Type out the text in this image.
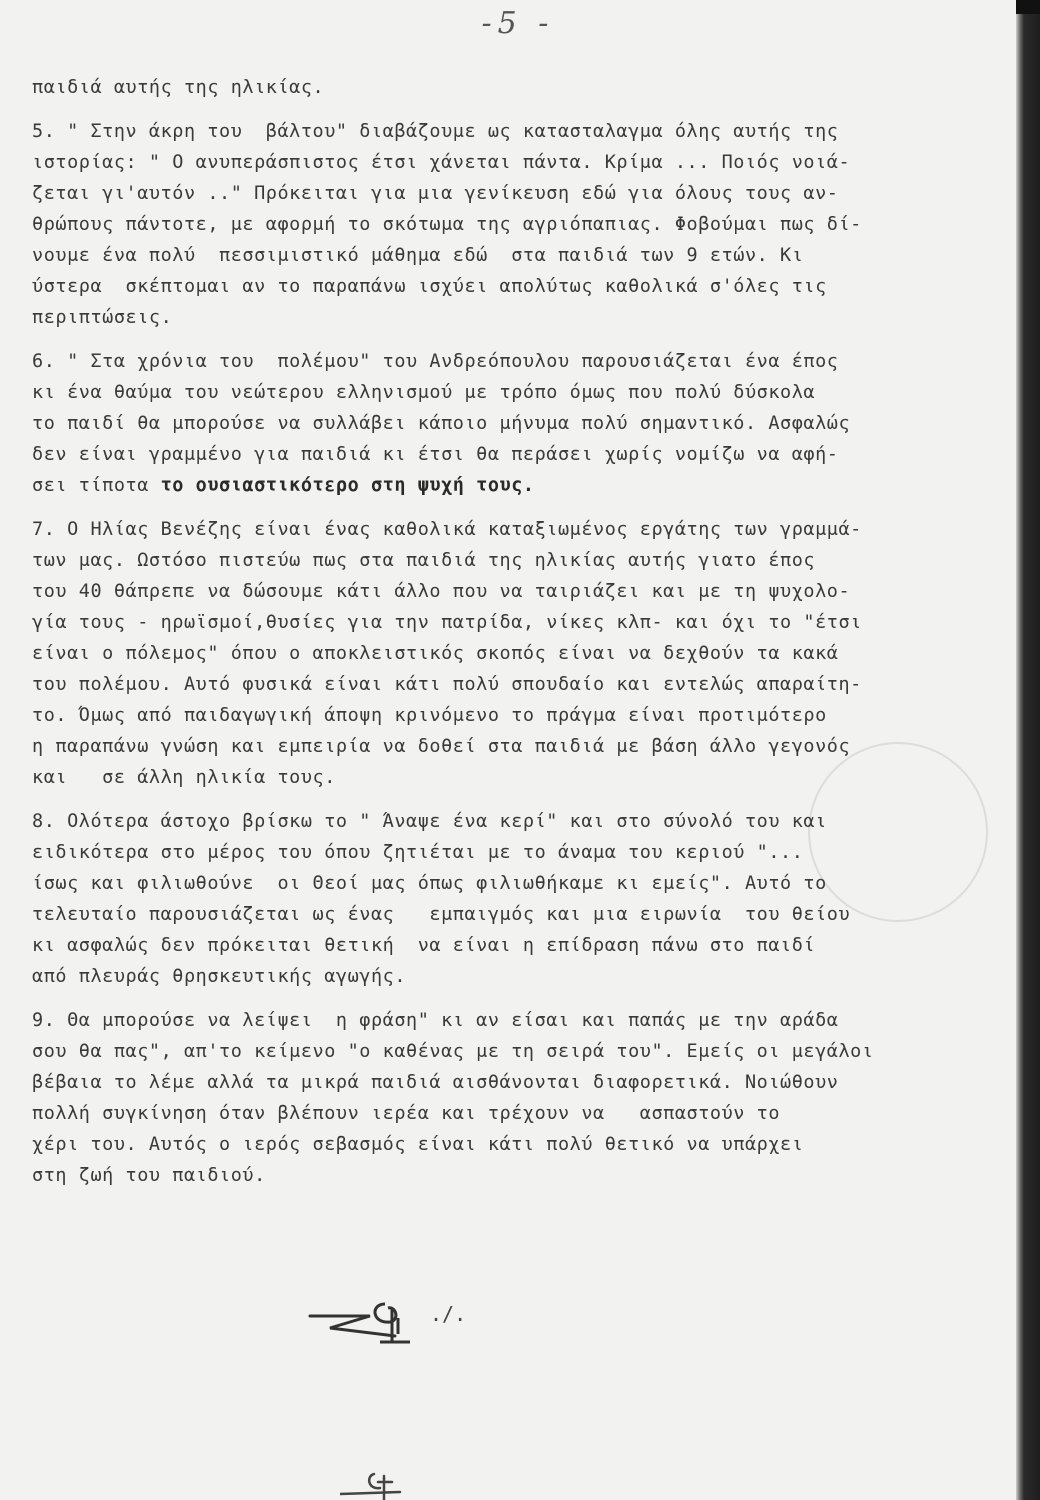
-5 -
παιδιά αυτής της ηλικίας.
5. " Στην άκρη του  βάλτου" διαβάζουμε ως κατασταλαγμα όλης αυτής της
ιστορίας: " Ο ανυπεράσπιστος έτσι χάνεται πάντα. Κρίμα ... Ποιός νοιά-
ζεται γι'αυτόν .." Πρόκειται για μια γενίκευση εδώ για όλους τους αν-
θρώπους πάντοτε, με αφορμή το σκότωμα της αγριόπαπιας. Φοβούμαι πως δί-
νουμε ένα πολύ  πεσσιμιστικό μάθημα εδώ  στα παιδιά των 9 ετών. Κι
ύστερα  σκέπτομαι αν το παραπάνω ισχύει απολύτως καθολικά σ'όλες τις
περιπτώσεις.
6. " Στα χρόνια του  πολέμου" του Ανδρεόπουλου παρουσιάζεται ένα έπος
κι ένα θαύμα του νεώτερου ελληνισμού με τρόπο όμως που πολύ δύσκολα
το παιδί θα μπορούσε να συλλάβει κάποιο μήνυμα πολύ σημαντικό. Ασφαλώς
δεν είναι γραμμένο για παιδιά κι έτσι θα περάσει χωρίς νομίζω να αφή-
σει τίποτα το ουσιαστικότερο στη ψυχή τους.
7. Ο Ηλίας Βενέζης είναι ένας καθολικά καταξιωμένος εργάτης των γραμμά-
των μας. Ωστόσο πιστεύω πως στα παιδιά της ηλικίας αυτής γιατο έπος
του 40 θάπρεπε να δώσουμε κάτι άλλο που να ταιριάζει και με τη ψυχολο-
γία τους - ηρωϊσμοί,θυσίες για την πατρίδα, νίκες κλπ- και όχι το "έτσι
είναι ο πόλεμος" όπου ο αποκλειστικός σκοπός είναι να δεχθούν τα κακά
του πολέμου. Αυτό φυσικά είναι κάτι πολύ σπουδαίο και εντελώς απαραίτη-
το. Όμως από παιδαγωγική άποψη κρινόμενο το πράγμα είναι προτιμότερο
η παραπάνω γνώση και εμπειρία να δοθεί στα παιδιά με βάση άλλο γεγονός
και   σε άλλη ηλικία τους.
8. Ολότερα άστοχο βρίσκω το " Άναψε ένα κερί" και στο σύνολό του και
ειδικότερα στο μέρος του όπου ζητιέται με το άναμα του κεριού "...
ίσως και φιλιωθούνε  οι Θεοί μας όπως φιλιωθήκαμε κι εμείς". Αυτό το
τελευταίο παρουσιάζεται ως ένας   εμπαιγμός και μια ειρωνία  του θείου
κι ασφαλώς δεν πρόκειται θετική  να είναι η επίδραση πάνω στο παιδί
από πλευράς θρησκευτικής αγωγής.
9. Θα μπορούσε να λείψει  η φράση" κι αν είσαι και παπάς με την αράδα
σου θα πας", απ'το κείμενο "ο καθένας με τη σειρά του". Εμείς οι μεγάλοι
βέβαια το λέμε αλλά τα μικρά παιδιά αισθάνονται διαφορετικά. Νοιώθουν
πολλή συγκίνηση όταν βλέπουν ιερέα και τρέχουν να   ασπαστούν το
χέρι του. Αυτός ο ιερός σεβασμός είναι κάτι πολύ θετικό να υπάρχει
στη ζωή του παιδιού.
./.
